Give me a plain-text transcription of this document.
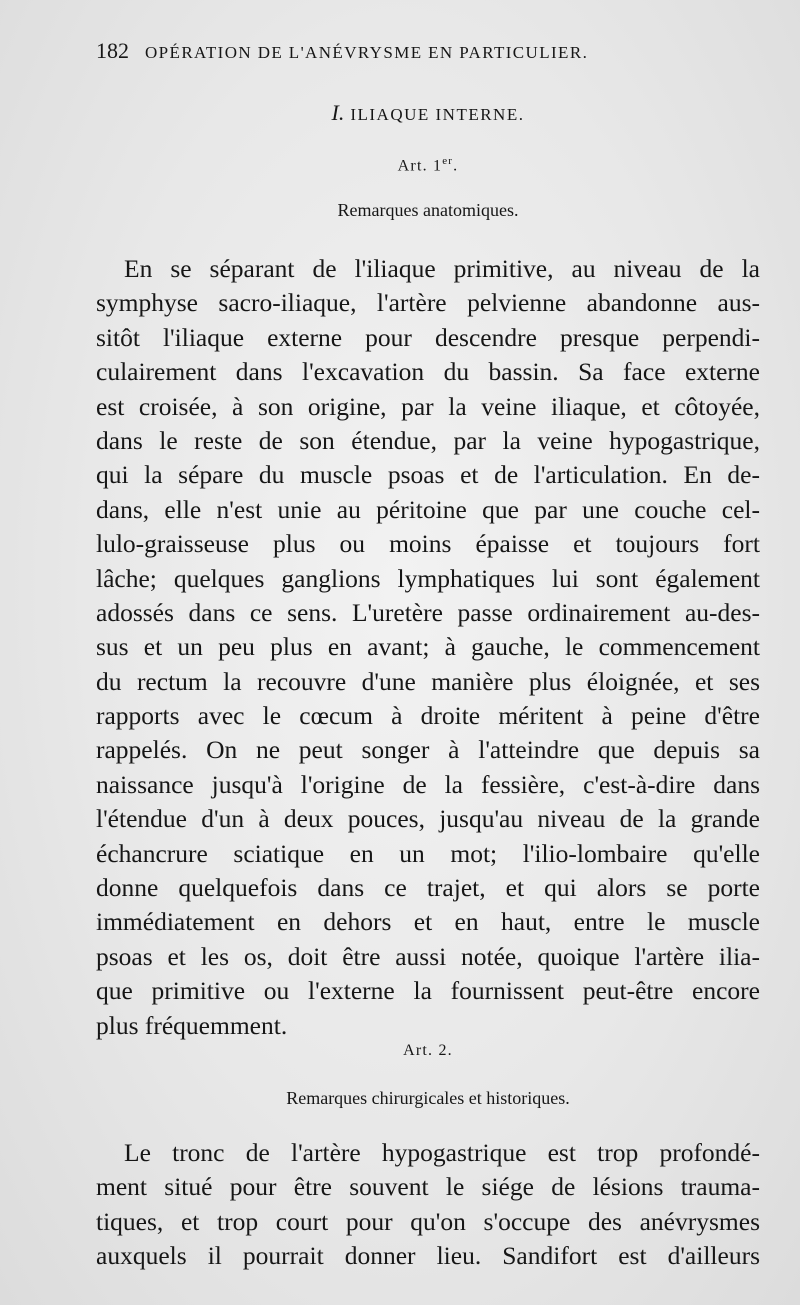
182 OPÉRATION DE L'ANÉVRYSME EN PARTICULIER.
I. ILIAQUE INTERNE.
Art. 1er.
Remarques anatomiques.
En se séparant de l'iliaque primitive, au niveau de la
symphyse sacro-iliaque, l'artère pelvienne abandonne aus-
sitôt l'iliaque externe pour descendre presque perpendi-
culairement dans l'excavation du bassin. Sa face externe
est croisée, à son origine, par la veine iliaque, et côtoyée,
dans le reste de son étendue, par la veine hypogastrique,
qui la sépare du muscle psoas et de l'articulation. En de-
dans, elle n'est unie au péritoine que par une couche cel-
lulo-graisseuse plus ou moins épaisse et toujours fort
lâche; quelques ganglions lymphatiques lui sont également
adossés dans ce sens. L'uretère passe ordinairement au-des-
sus et un peu plus en avant; à gauche, le commencement
du rectum la recouvre d'une manière plus éloignée, et ses
rapports avec le cœcum à droite méritent à peine d'être
rappelés. On ne peut songer à l'atteindre que depuis sa
naissance jusqu'à l'origine de la fessière, c'est-à-dire dans
l'étendue d'un à deux pouces, jusqu'au niveau de la grande
échancrure sciatique en un mot; l'ilio-lombaire qu'elle
donne quelquefois dans ce trajet, et qui alors se porte
immédiatement en dehors et en haut, entre le muscle
psoas et les os, doit être aussi notée, quoique l'artère ilia-
que primitive ou l'externe la fournissent peut-être encore
plus fréquemment.
Art. 2.
Remarques chirurgicales et historiques.
Le tronc de l'artère hypogastrique est trop profondé-
ment situé pour être souvent le siége de lésions trauma-
tiques, et trop court pour qu'on s'occupe des anévrysmes
auxquels il pourrait donner lieu. Sandifort est d'ailleurs
